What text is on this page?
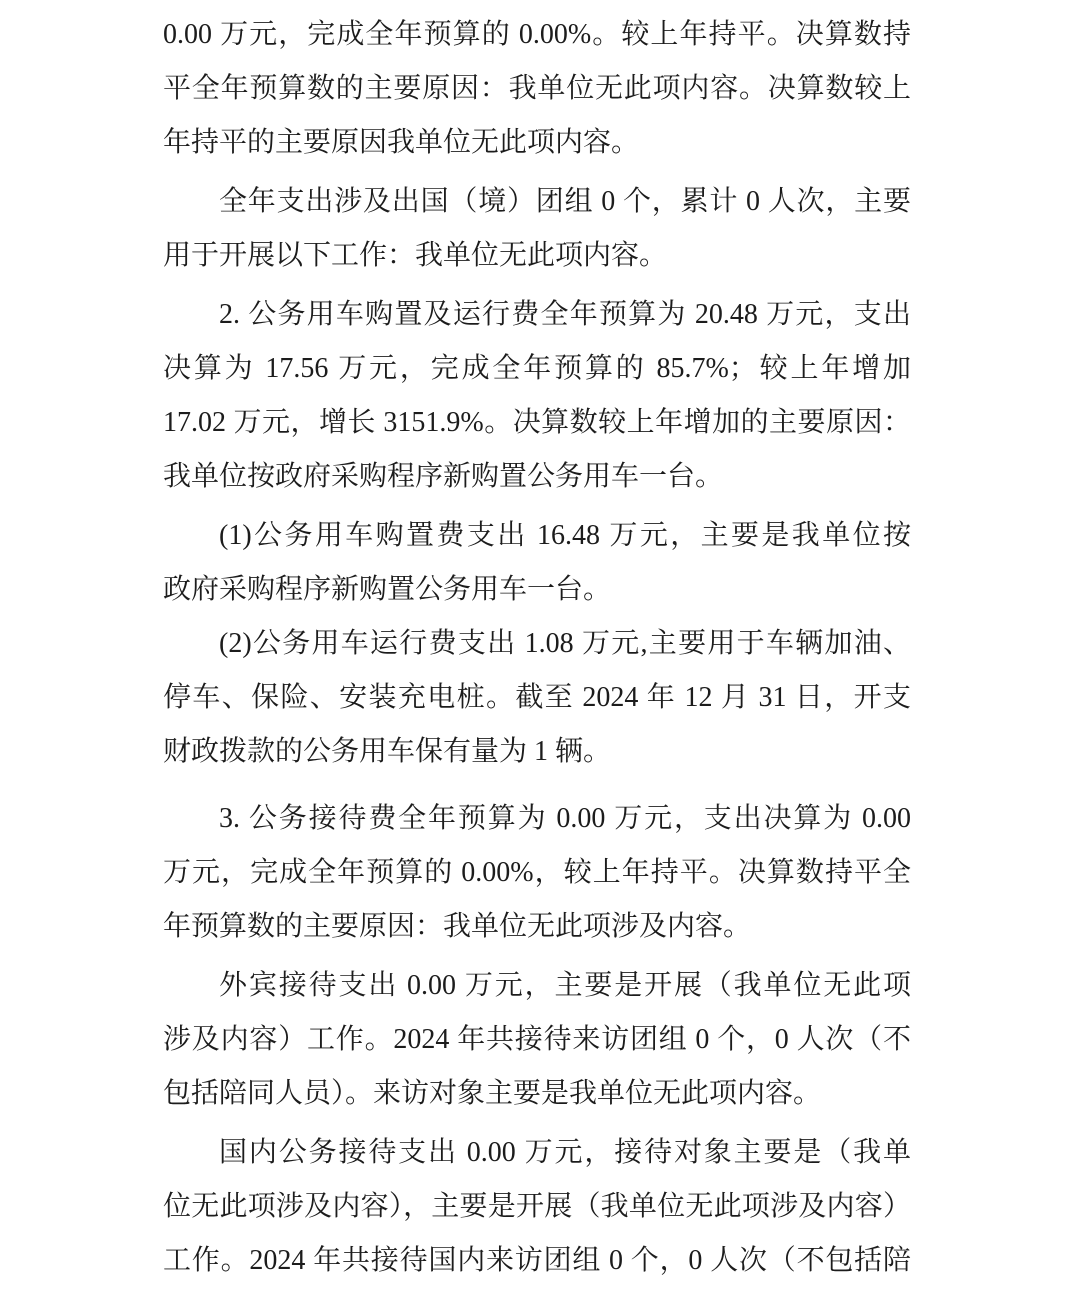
0.00 万元，完成全年预算的 0.00%。较上年持平。决算数持
平全年预算数的主要原因：我单位无此项内容。决算数较上
年持平的主要原因我单位无此项内容。
全年支出涉及出国（境）团组 0 个，累计 0 人次，主要
用于开展以下工作：我单位无此项内容。
2. 公务用车购置及运行费全年预算为 20.48 万元，支出
决算为 17.56 万元，完成全年预算的 85.7%；较上年增加
17.02 万元，增长 3151.9%。决算数较上年增加的主要原因：
我单位按政府采购程序新购置公务用车一台。
(1)公务用车购置费支出 16.48 万元，主要是我单位按
政府采购程序新购置公务用车一台。
(2)公务用车运行费支出 1.08 万元,主要用于车辆加油、
停车、保险、安装充电桩。截至 2024 年 12 月 31 日，开支
财政拨款的公务用车保有量为 1 辆。
3. 公务接待费全年预算为 0.00 万元，支出决算为 0.00
万元，完成全年预算的 0.00%，较上年持平。决算数持平全
年预算数的主要原因：我单位无此项涉及内容。
外宾接待支出 0.00 万元，主要是开展（我单位无此项
涉及内容）工作。2024 年共接待来访团组 0 个，0 人次（不
包括陪同人员）。来访对象主要是我单位无此项内容。
国内公务接待支出 0.00 万元，接待对象主要是（我单
位无此项涉及内容），主要是开展（我单位无此项涉及内容）
工作。2024 年共接待国内来访团组 0 个，0 人次（不包括陪
